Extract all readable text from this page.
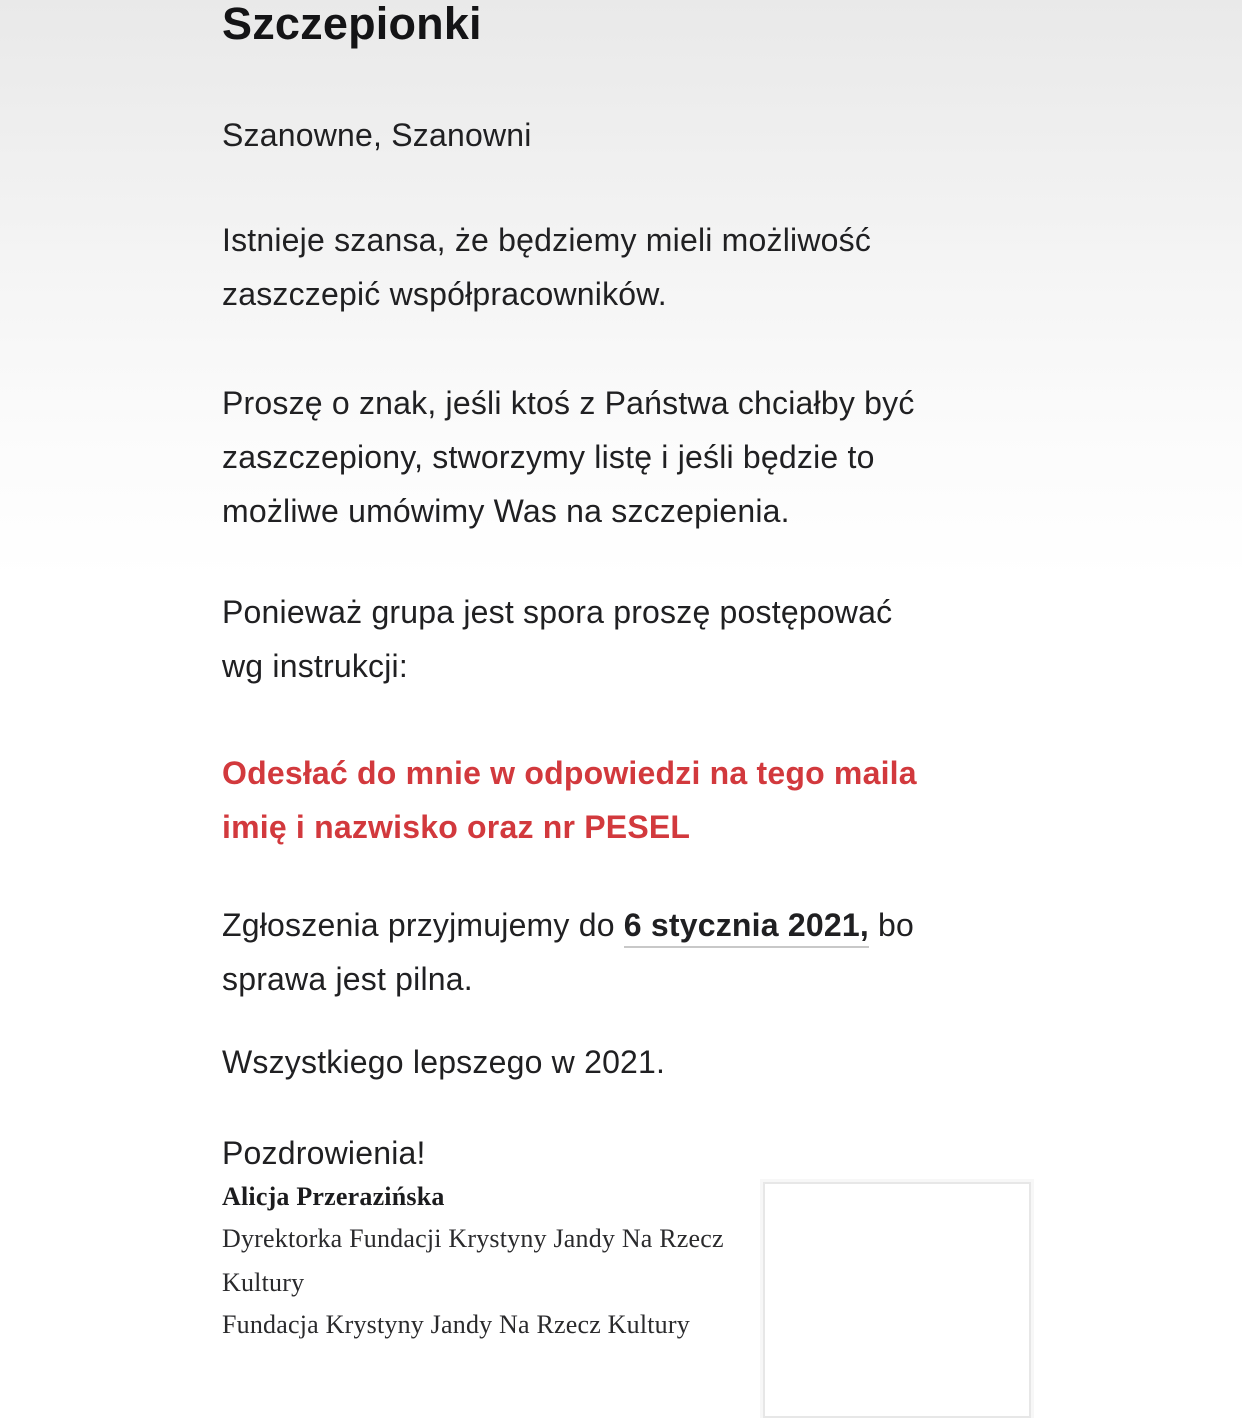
Szczepionki
Szanowne, Szanowni
Istnieje szansa, że będziemy mieli możliwość
zaszczepić współpracowników.
Proszę o znak, jeśli ktoś z Państwa chciałby być
zaszczepiony, stworzymy listę i jeśli będzie to
możliwe umówimy Was na szczepienia.
Ponieważ grupa jest spora proszę postępować
wg instrukcji:
Odesłać do mnie w odpowiedzi na tego maila
imię i nazwisko oraz nr PESEL
Zgłoszenia przyjmujemy do 6 stycznia 2021, bo
sprawa jest pilna.
Wszystkiego lepszego w 2021.
Pozdrowienia!
Alicja Przerazińska
Dyrektorka Fundacji Krystyny Jandy Na Rzecz
Kultury
Fundacja Krystyny Jandy Na Rzecz Kultury
